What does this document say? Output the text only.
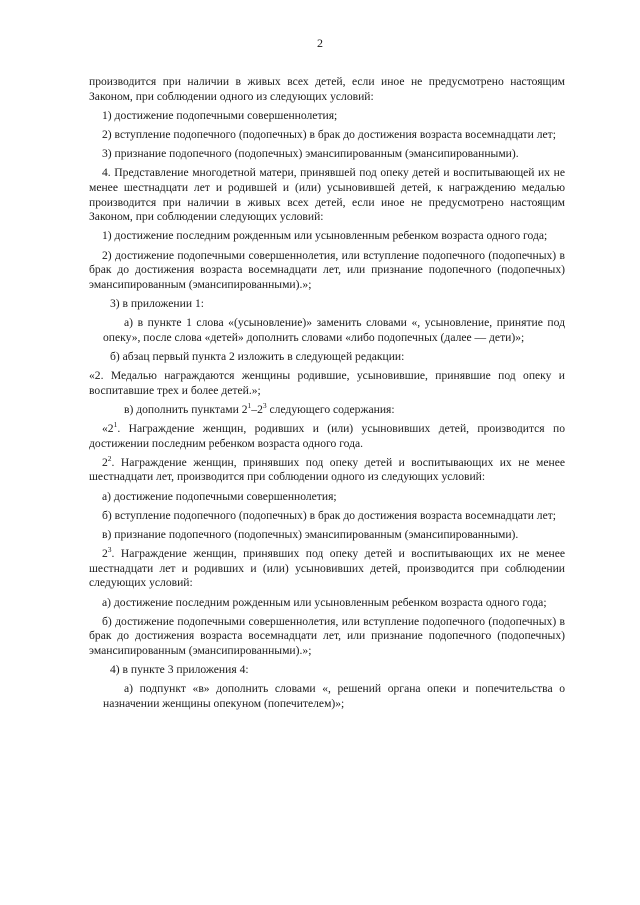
2

производится при наличии в живых всех детей, если иное не предусмотрено настоящим Законом, при соблюдении одного из следующих условий:

1) достижение подопечными совершеннолетия;

2) вступление подопечного (подопечных) в брак до достижения возраста восемнадцати лет;

3) признание подопечного (подопечных) эмансипированным (эмансипированными).

4. Представление многодетной матери, принявшей под опеку детей и воспитывающей их не менее шестнадцати лет и родившей и (или) усыновившей детей, к награждению медалью производится при наличии в живых всех детей, если иное не предусмотрено настоящим Законом, при соблюдении следующих условий:

1) достижение последним рожденным или усыновленным ребенком возраста одного года;

2) достижение подопечными совершеннолетия, или вступление подопечного (подопечных) в брак до достижения возраста восемнадцати лет, или признание подопечного (подопечных) эмансипированным (эмансипированными).»;

3) в приложении 1:

а) в пункте 1 слова «(усыновление)» заменить словами «, усыновление, принятие под опеку», после слова «детей» дополнить словами «либо подопечных (далее — дети)»;

б) абзац первый пункта 2 изложить в следующей редакции:

«2. Медалью награждаются женщины родившие, усыновившие, принявшие под опеку и воспитавшие трех и более детей.»;

в) дополнить пунктами $2^1-2^3$ следующего содержания:

«$2^1$. Награждение женщин, родивших и (или) усыновивших детей, производится по достижении последним ребенком возраста одного года.

$2^2$. Награждение женщин, принявших под опеку детей и воспитывающих их не менее шестнадцати лет, производится при соблюдении одного из следующих условий:

а) достижение подопечными совершеннолетия;

б) вступление подопечного (подопечных) в брак до достижения возраста восемнадцати лет;

в) признание подопечного (подопечных) эмансипированным (эмансипированными).

$2^3$. Награждение женщин, принявших под опеку детей и воспитывающих их не менее шестнадцати лет и родивших и (или) усыновивших детей, производится при соблюдении следующих условий:

а) достижение последним рожденным или усыновленным ребенком возраста одного года;

б) достижение подопечными совершеннолетия, или вступление подопечного (подопечных) в брак до достижения возраста восемнадцати лет, или признание подопечного (подопечных) эмансипированным (эмансипированными).»;

4) в пункте 3 приложения 4:

а) подпункт «в» дополнить словами «, решений органа опеки и попечительства о назначении женщины опекуном (попечителем)»;
